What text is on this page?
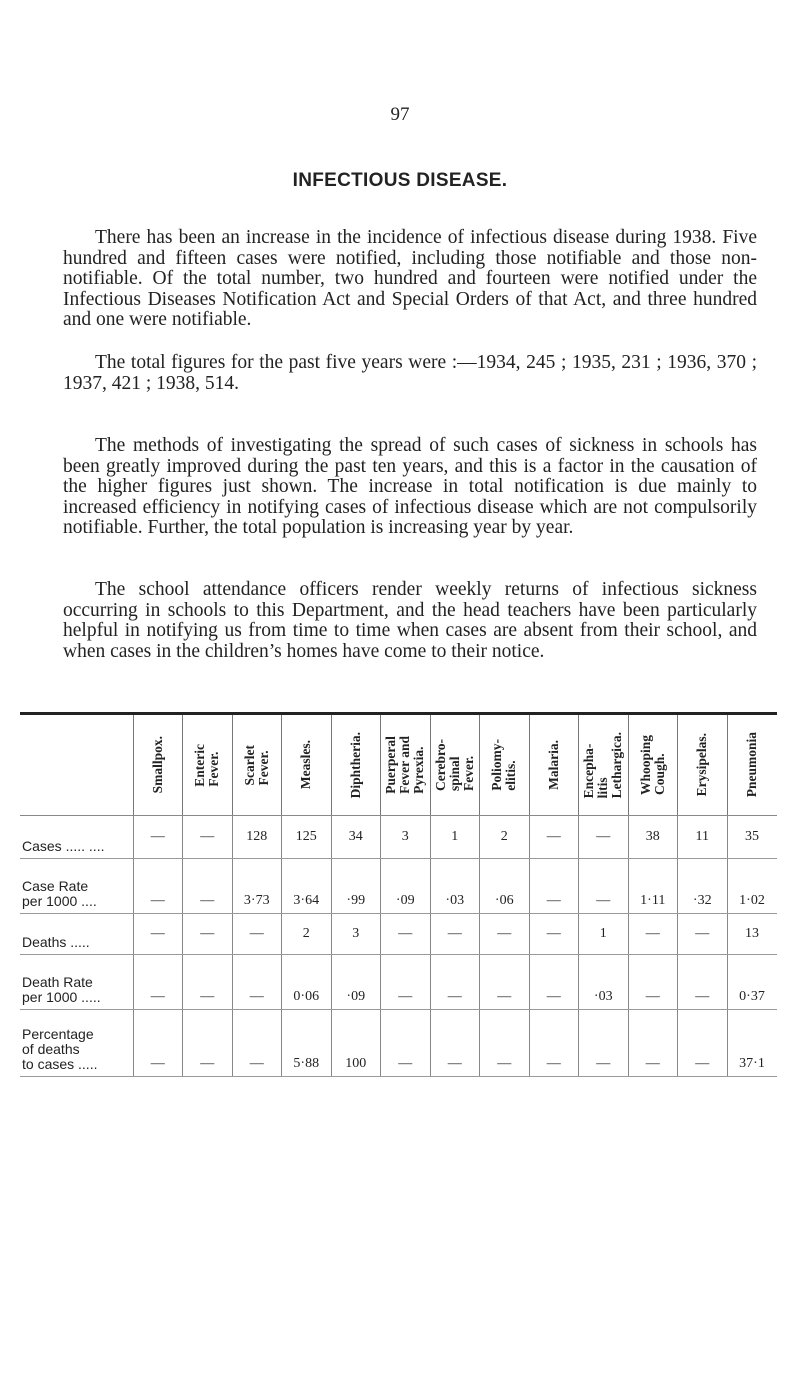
97
INFECTIOUS DISEASE.

There has been an increase in the incidence of infectious disease during 1938. Five hundred and fifteen cases were notified, including those notifiable and those non-notifiable. Of the total number, two hundred and fourteen were notified under the Infectious Diseases Notification Act and Special Orders of that Act, and three hundred and one were notifiable.

The total figures for the past five years were :—1934, 245 ; 1935, 231 ; 1936, 370 ; 1937, 421 ; 1938, 514.

The methods of investigating the spread of such cases of sickness in schools has been greatly improved during the past ten years, and this is a factor in the causation of the higher figures just shown. The increase in total notification is due mainly to increased efficiency in notifying cases of infectious disease which are not compulsorily notifiable. Further, the total population is increasing year by year.

The school attendance officers render weekly returns of infectious sickness occurring in schools to this Department, and the head teachers have been particularly helpful in notifying us from time to time when cases are absent from their school, and when cases in the children’s homes have come to their notice.

	Smallpox.	Enteric
Fever.	Scarlet
Fever.	Measles.	Diphtheria.	Puerperal
Fever and
Pyrexia.	Cerebro-
spinal
Fever.	Poliomy-
elitis.	Malaria.	Encepha-
litis
Lethargica.	Whooping
Cough.	Erysipelas.	Pneumonia

Cases ..... ....	—	—	128	125	34	3	1	2	—	—	38	11	35
Case Rate
per 1000 ....	—	—	3·73	3·64	·99	·09	·03	·06	—	—	1·11	·32	1·02
Deaths .....	—	—	—	2	3	—	—	—	—	1	—	—	13
Death Rate
per 1000 .....	—	—	—	0·06	·09	—	—	—	—	·03	—	—	0·37
Percentage
of deaths
to cases .....	—	—	—	5·88	100	—	—	—	—	—	—	—	37·1
